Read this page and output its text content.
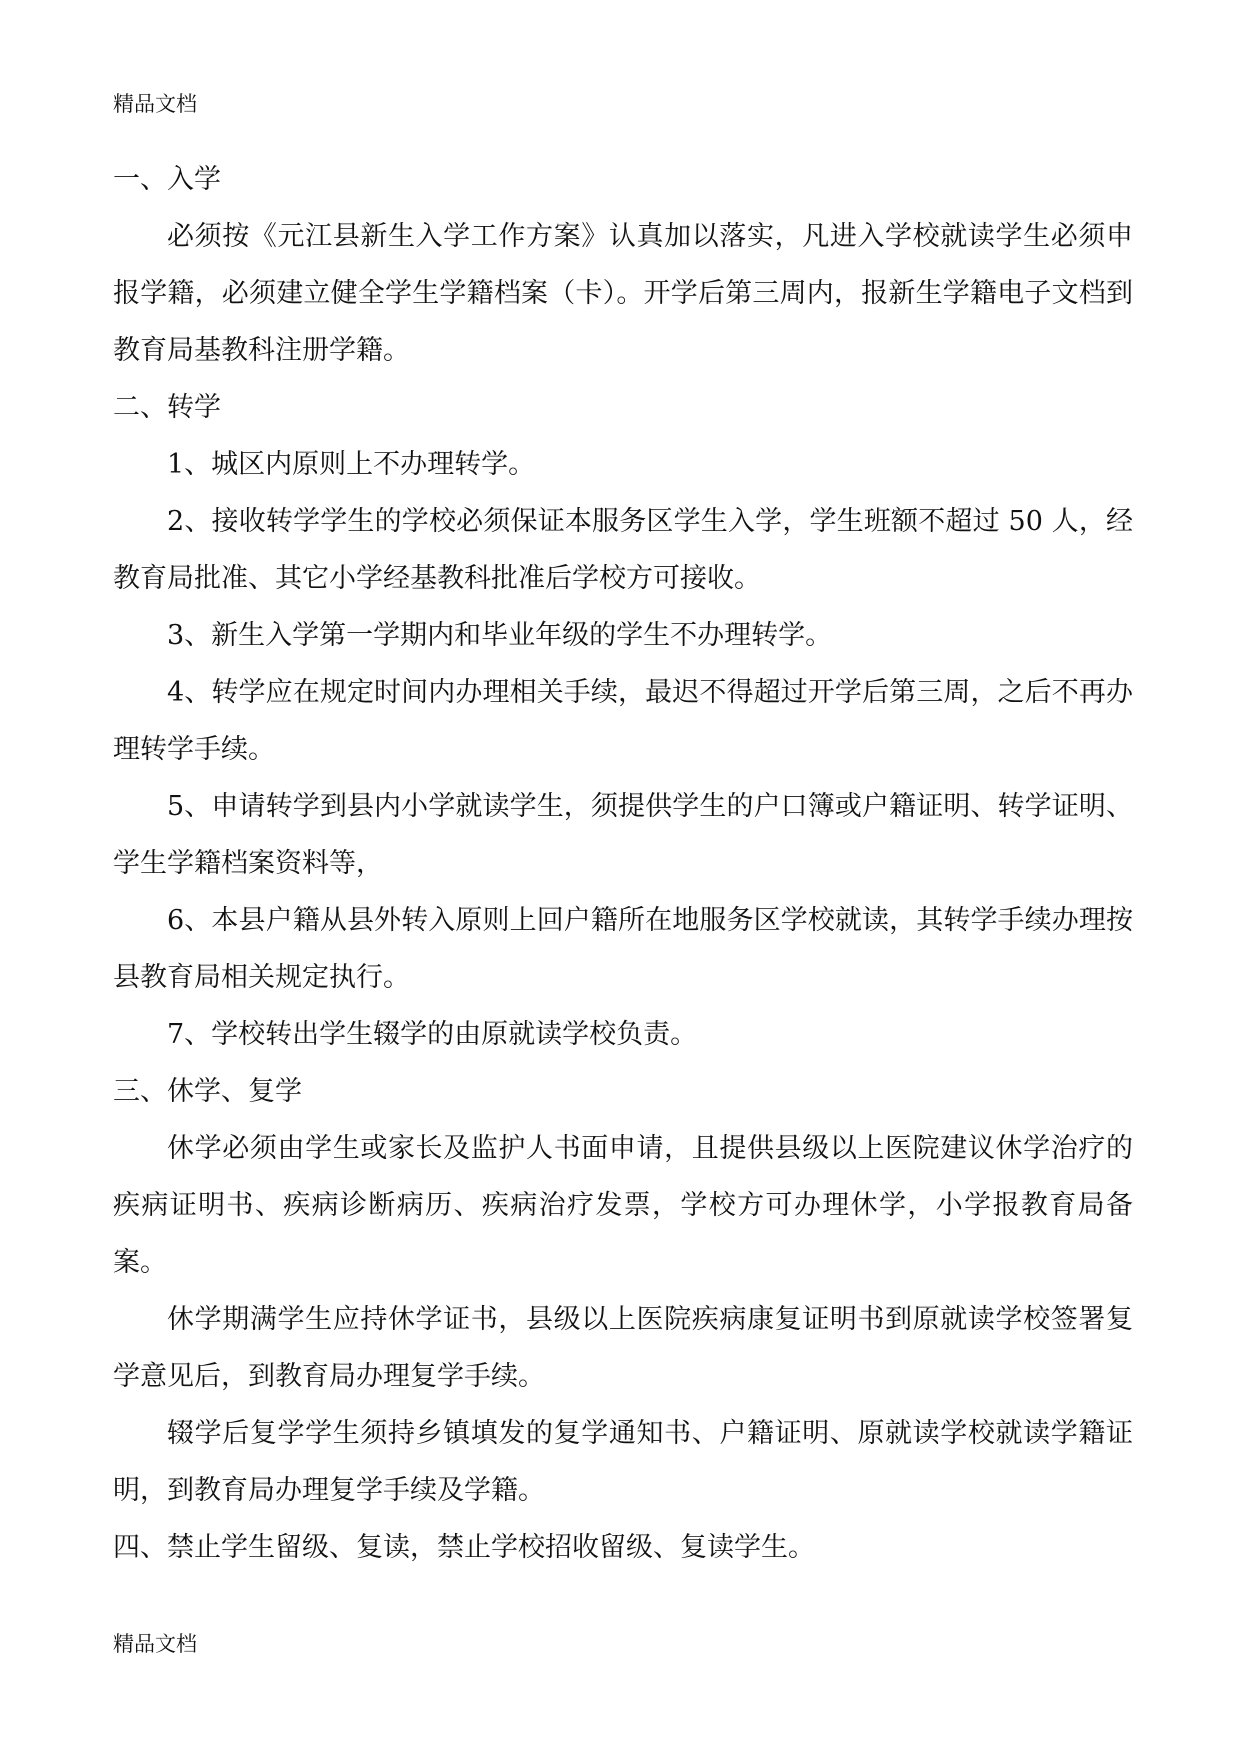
精品文档

一、入学

必须按《元江县新生入学工作方案》认真加以落实，凡进入学校就读学生必须申报学籍，必须建立健全学生学籍档案（卡）。开学后第三周内，报新生学籍电子文档到教育局基教科注册学籍。

二、转学

1、城区内原则上不办理转学。

2、接收转学学生的学校必须保证本服务区学生入学，学生班额不超过 50 人，经教育局批准、其它小学经基教科批准后学校方可接收。

3、新生入学第一学期内和毕业年级的学生不办理转学。

4、转学应在规定时间内办理相关手续，最迟不得超过开学后第三周，之后不再办理转学手续。

5、申请转学到县内小学就读学生，须提供学生的户口簿或户籍证明、转学证明、学生学籍档案资料等，

6、本县户籍从县外转入原则上回户籍所在地服务区学校就读，其转学手续办理按县教育局相关规定执行。

7、学校转出学生辍学的由原就读学校负责。

三、休学、复学

休学必须由学生或家长及监护人书面申请，且提供县级以上医院建议休学治疗的疾病证明书、疾病诊断病历、疾病治疗发票，学校方可办理休学，小学报教育局备案。

休学期满学生应持休学证书，县级以上医院疾病康复证明书到原就读学校签署复学意见后，到教育局办理复学手续。

辍学后复学学生须持乡镇填发的复学通知书、户籍证明、原就读学校就读学籍证明，到教育局办理复学手续及学籍。

四、禁止学生留级、复读，禁止学校招收留级、复读学生。

精品文档
